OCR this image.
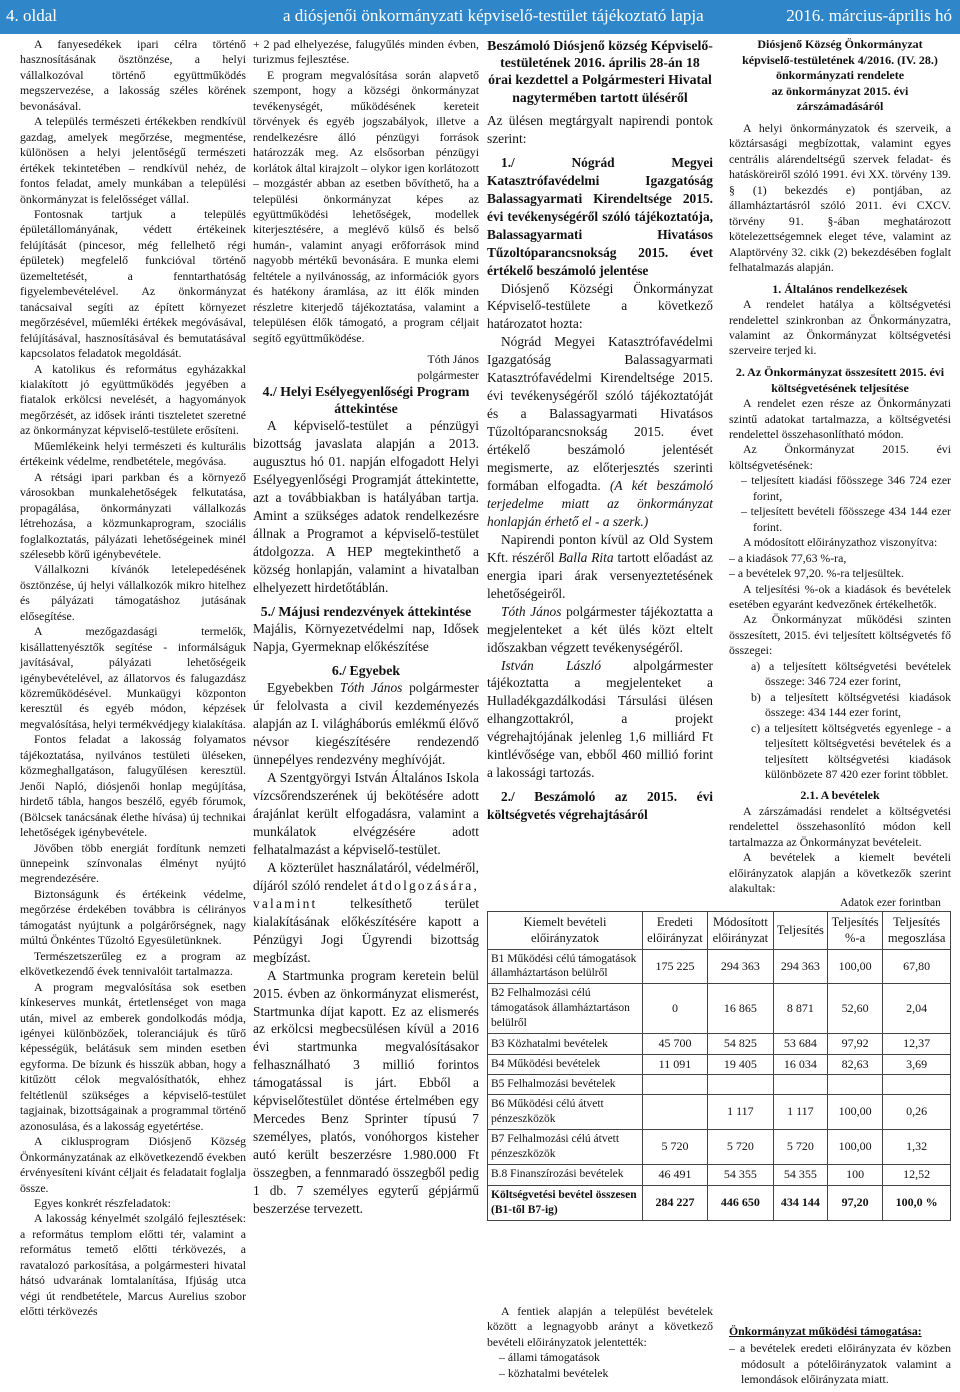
4. oldal	a diósjenői önkormányzati képviselő-testület tájékoztató lapja	2016. március-április hó

A fanyesedékek ipari célra történő hasznosításának ösztönzése, a helyi vállalkozóval történő együttműködés megszervezése, a lakosság széles körének bevonásával.

A település természeti értékekben rendkívül gazdag, amelyek megőrzése, megmentése, különösen a helyi jelentőségű természeti értékek tekintetében – rendkívül nehéz, de fontos feladat, amely munkában a települési önkormányzat is felelősséget vállal.

Fontosnak tartjuk a település épületállományának, védett értékeinek felújítását (pincesor, még fellelhető régi épületek) megfelelő funkcióval történő üzemeltetését, a fenntarthatóság figyelembevételével. Az önkormányzat tanácsaival segíti az épített környezet megőrzésével, műemléki értékek megóvásával, felújításával, hasznosításával és bemutatásával kapcsolatos feladatok megoldását.

A katolikus és református egyházakkal kialakított jó együttműködés jegyében a fiatalok erkölcsi nevelését, a hagyományok megőrzését, az idősek iránti tiszteletet szeretné az önkormányzat képviselő-testülete erősíteni.

Műemlékeink helyi természeti és kulturális értékeink védelme, rendbetétele, megóvása.

A rétsági ipari parkban és a környező városokban munkalehetőségek felkutatása, propagálása, önkormányzati vállalkozás létrehozása, a közmunkaprogram, szociális foglalkoztatás, pályázati lehetőségeinek minél szélesebb körű igénybevétele.

Vállalkozni kívánók letelepedésének ösztönzése, új helyi vállalkozók mikro hitelhez és pályázati támogatáshoz jutásának elősegítése.

A mezőgazdasági termelők, kisállattenyésztők segítése - informálságuk javításával, pályázati lehetőségeik igénybevételével, az állatorvos és falugazdász közreműködésével. Munkaügyi központon keresztül és egyéb módon, képzések megvalósítása, helyi termékvédjegy kialakítása.

Fontos feladat a lakosság folyamatos tájékoztatása, nyilvános testületi üléseken, közmeghallgatáson, falugyűlésen keresztül. Jenői Napló, diósjenői honlap megújítása, hirdető tábla, hangos beszélő, egyéb fórumok, (Bölcsek tanácsának élethe hívása) új technikai lehetőségek igénybevétele.

Jövőben több energiát fordítunk nemzeti ünnepeink színvonalas élményt nyújtó megrendezésére.

Biztonságunk és értékeink védelme, megőrzése érdekében továbbra is célirányos támogatást nyújtunk a polgárőrségnek, nagy múltú Önkéntes Tűzoltó Egyesületünknek.

Természetszerűleg ez a program az elkövetkezendő évek tennivalóit tartalmazza.

A program megvalósítása sok esetben kínkeserves munkát, értetlenséget von maga után, mivel az emberek gondolkodás módja, igényei különbözőek, toleranciájuk és tűrő képességük, belátásuk sem minden esetben egyforma. De bízunk és hisszük abban, hogy a kitűzött célok megvalósíthatók, ehhez feltétlenül szükséges a képviselő-testület tagjainak, bizottságainak a programmal történő azonosulása, és a lakosság egyetértése.

A ciklusprogram Diósjenő Község Önkormányzatának az elkövetkezendő években érvényesíteni kívánt céljait és feladatait foglalja össze.

Egyes konkrét részfeladatok:

A lakosság kényelmét szolgáló fejlesztések: a református templom előtti tér, valamint a református temető előtti térkövezés, a ravatalozó parkosítása, a polgármesteri hivatal hátsó udvarának lomtalanítása, Ifjúság utca végi út rendbetétele, Marcus Aurelius szobor előtti térkövezés

+ 2 pad elhelyezése, falugyűlés minden évben, turizmus fejlesztése.

E program megvalósítása során alapvető szempont, hogy a községi önkormányzat tevékenységét, működésének kereteit törvények és egyéb jogszabályok, illetve a rendelkezésre álló pénzügyi források határozzák meg. Az elsősorban pénzügyi korlátok által kirajzolt – olykor igen korlátozott – mozgástér abban az esetben bővíthető, ha a települési önkormányzat képes az együttműködési lehetőségek, modellek kiterjesztésére, a meglévő külső és belső humán-, valamint anyagi erőforrások mind nagyobb mértékű bevonására. E munka elemi feltétele a nyilvánosság, az információk gyors és hatékony áramlása, az itt élők minden részletre kiterjedő tájékoztatása, valamint a településen élők támogató, a program céljait segítő együttműködése.

Tóth János

polgármester

4./ Helyi Esélyegyenlőségi Program áttekintése

A képviselő-testület a pénzügyi bizottság javaslata alapján a 2013. augusztus hó 01. napján elfogadott Helyi Esélyegyenlőségi Programját áttekintette, azt a továbbiakban is hatályában tartja. Amint a szükséges adatok rendelkezésre állnak a Programot a képviselő-testület átdolgozza. A HEP megtekinthető a község honlapján, valamint a hivatalban elhelyezett hirdetőtáblán.

5./ Májusi rendezvények áttekintése

Majális, Környezetvédelmi nap, Idősek Napja, Gyermeknap előkészítése

6./ Egyebek

Egyebekben Tóth János polgármester úr felolvasta a civil kezdeményezés alapján az I. világháborús emlékmű élővő névsor kiegészítésére rendezendő ünnepélyes rendezvény meghívóját.

A Szentgyörgyi István Általános Iskola vízcsőrendszerének új bekötésére adott árajánlat került elfogadásra, valamint a munkálatok elvégzésére adott felhatalmazást a képviselő-testület.

A közterület használatáról, védelméről, díjáról szóló rendelet átdolgozására, valamint telkesíthető terület kialakításának előkészítésére kapott a Pénzügyi Jogi Ügyrendi bizottság megbízást.

A Startmunka program keretein belül 2015. évben az önkormányzat elismerést, Startmunka díjat kapott. Ez az elismerés az erkölcsi megbecsülésen kívül a 2016 évi startmunka megvalósításakor felhasználható 3 millió forintos támogatással is járt. Ebből a képviselőtestület döntése értelmében egy Mercedes Benz Sprinter típusú 7 személyes, platós, vonóhorgos kisteher autó került beszerzésre 1.980.000 Ft összegben, a fennmaradó összegből pedig 1 db. 7 személyes egyterű gépjármű beszerzése tervezett.

Beszámoló Diósjenő község Képviselő-testületének 2016. április 28-án 18 órai kezdettel a Polgármesteri Hivatal nagytermében tartott üléséről

Az ülésen megtárgyalt napirendi pontok szerint:

1./ Nógrád Megyei Katasztrófavédelmi Igazgatóság Balassagyarmati Kirendeltsége 2015. évi tevékenységéről szóló tájékoztatója, Balassagyarmati Hivatásos Tűzoltóparancsnokság 2015. évet értékelő beszámoló jelentése

Diósjenő Községi Önkormányzat Képviselő-testülete a következő határozatot hozta:

Nógrád Megyei Katasztrófavédelmi Igazgatóság Balassagyarmati Katasztrófavédelmi Kirendeltsége 2015. évi tevékenységéről szóló tájékoztatóját és a Balassagyarmati Hivatásos Tűzoltóparancsnokság 2015. évet értékelő beszámoló jelentését megismerte, az előterjesztés szerinti formában elfogadta. (A két beszámoló terjedelme miatt az önkormányzat honlapján érhető el - a szerk.)

Napirendi ponton kívül az Old System Kft. részéről Balla Rita tartott előadást az energia ipari árak versenyeztetésének lehetőségeiről.

Tóth János polgármester tájékoztatta a megjelenteket a két ülés közt eltelt időszakban végzett tevékenységéről.

István László alpolgármester tájékoztatta a megjelenteket a Hulladékgazdálkodási Társulási ülésen elhangzottakról, a projekt végrehajtójának jelenleg 1,6 milliárd Ft kintlévősége van, ebből 460 millió forint a lakossági tartozás.

2./ Beszámoló az 2015. évi költségvetés végrehajtásáról

Adatok ezer forintban
Kiemelt bevételi előirányzatok	Eredeti előirányzat	Módosított előirányzat	Teljesítés	Teljesítés %-a	Teljesítés megoszlása
B1 Működési célú támogatások államháztartáson belülről	175 225	294 363	294 363	100,00	67,80
B2 Felhalmozási célú támogatások államháztartáson belülről	0	16 865	8 871	52,60	2,04
B3 Közhatalmi bevételek	45 700	54 825	53 684	97,92	12,37
B4 Működési bevételek	11 091	19 405	16 034	82,63	3,69
B5 Felhalmozási bevételek					
B6 Működési célú átvett pénzeszközök		1 117	1 117	100,00	0,26
B7 Felhalmozási célú átvett pénzeszközök	5 720	5 720	5 720	100,00	1,32
B.8 Finanszírozási bevételek	46 491	54 355	54 355	100	12,52
Költségvetési bevétel összesen (B1-től B7-ig)	284 227	446 650	434 144	97,20	100,0 %

A fentiek alapján a települést bevételek között a legnagyobb arányt a következő bevételi előirányzatok jelentették:

– állami támogatások

– közhatalmi bevételek

Diósjenő Község Önkormányzat

képviselő-testületének 4/2016. (IV. 28.)

önkormányzati rendelete

az önkormányzat 2015. évi zárszámadásáról

A helyi önkormányzatok és szerveik, a köztársasági megbízottak, valamint egyes centrális alárendeltségű szervek feladat- és hatásköreiről szóló 1991. évi XX. törvény 139. § (1) bekezdés e) pontjában, az államháztartásról szóló 2011. évi CXCV. törvény 91. §-ában meghatározott kötelezettségemnek eleget téve, valamint az Alaptörvény 32. cikk (2) bekezdésében foglalt felhatalmazás alapján.

1. Általános rendelkezések

A rendelet hatálya a költségvetési rendelettel szinkronban az Önkormányzatra, valamint az Önkormányzat költségvetési szerveire terjed ki.

2. Az Önkormányzat összesített 2015. évi költségvetésének teljesítése

A rendelet ezen része az Önkormányzati szintű adatokat tartalmazza, a költségvetési rendelettel összehasonlítható módon.

Az Önkormányzat 2015. évi költségvetésének:

– teljesített kiadási főösszege 346 724 ezer forint,

– teljesített bevételi főösszege 434 144 ezer forint.

A módosított előirányzathoz viszonyítva:

– a kiadások 77,63 %-ra,

– a bevételek 97,20. %-ra teljesültek.

A teljesítési %-ok a kiadások és bevételek esetében egyaránt kedvezőnek értékelhetők.

Az Önkormányzat működési szinten összesített, 2015. évi teljesített költségvetés fő összegei:

a) a teljesített költségvetési bevételek összege: 346 724 ezer forint,

b) a teljesített költségvetési kiadások összege: 434 144 ezer forint,

c) a teljesített költségvetés egyenlege - a teljesített költségvetési bevételek és a teljesített költségvetési kiadások különbözete 87 420 ezer forint többlet.

2.1. A bevételek

A zárszámadási rendelet a költségvetési rendelettel összehasonlító módon kell tartalmazza az Önkormányzat bevételeit.

A bevételek a kiemelt bevételi előirányzatok alapján a következők szerint alakultak:

Önkormányzat működési támogatása:

– a bevételek eredeti előirányzata év közben módosult a pótelőirányzatok valamint a lemondások előirányzata miatt.
